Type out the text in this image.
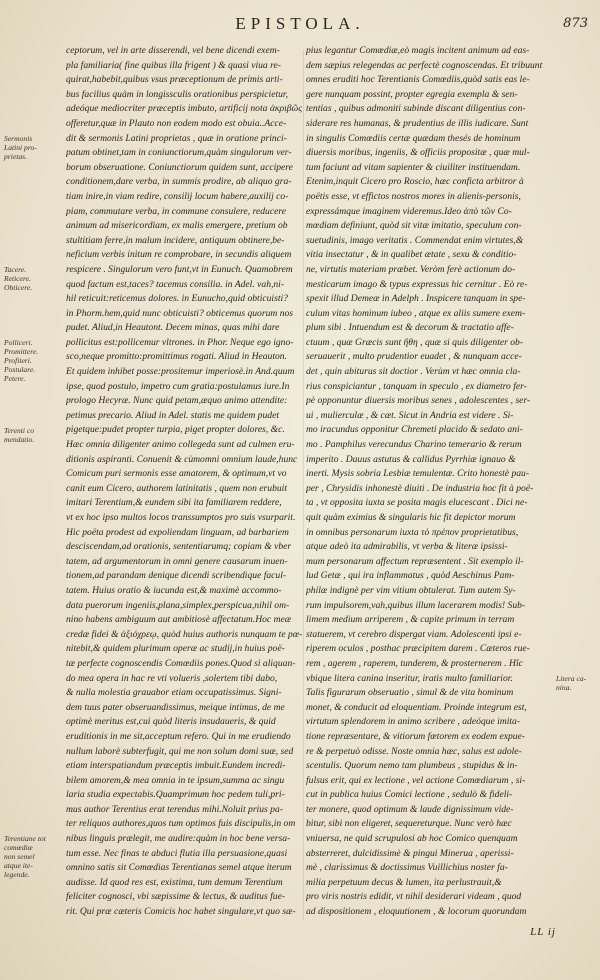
EPISTOLA.	873
ceptorum, vel in arte disserendi, vel bene dicendi exem-
pla familiaria( fine quibus illa frigent ) & quasi viua re-
quirat,habebit,quibus vsus præceptionum de primis arti-
bus facilius quàm in longissculis orationibus perspicietur,
adeóque mediocriter præceptis imbuto, artificij nota ἀκριβῶς
offeretur,quæ in Plauto non eodem modo est obuia..Acce-
dit & sermonis Latini proprietas , quæ in oratione princi-
patum obtinet,tam in coniunctiorum,quàm singulorum ver-
borum obseruatione. Coniunctiorum quidem sunt, accipere
conditionem,dare verba, in summis prodire, ab aliquo gra-
tiam inire,in viam redire, consilij locum habere,auxilij co-
piam, commutare verba, in commune consulere, reducere
animum ad misericordiam, ex malis emergere, pretium ob
stultitiam ferre,in malum incidere, antiquum obtinere,be-
neficium verbis initum re comprobare, in secundis aliquem
respicere . Singulorum vero funt,vt in Eunuch. Quamobrem
quod factum est,taces? tacemus consilia. in Adel. vah,ni-
hil reticuit:reticemus dolores. in Eunucho,quid obticuisti?
in Phorm.hem,quid nunc obticuisti? obticemus quorum nos
pudet. Aliud,in Heautont. Decem minas, quas mihi dare
pollicitus est:pollicemur vltrones. in Phor. Neque ego igno-
sco,neque promitto:promittimus rogati. Aliud in Heauton.
Et quidem inhibet posse:prositemur imperiosè.in And.quum
ipse, quod postulo, impetro cum gratia:postulamus iure.In
prologo Hecyræ. Nunc quid petam,æquo animo attendite:
petimus precario. Aliud in Adel. statis me quidem pudet
pigetque:pudet propter turpia, piget propter dolores, &c.
Hæc omnia diligenter animo collegeda sunt ad culmen eru-
ditionis aspiranti. Conuenit & cùmomni omnium laude,hunc
Comicum puri sermonis esse amatorem, & optimum,vt vo
canit eum Cicero, authorem latinitatis , quem non erubuit
imitari Terentium,& eundem sibi ita familiarem reddere,
vt ex hoc ipso multos locos transsumptos pro suis vsurparit.
Hic poëta prodest ad expoliendam linguam, ad barbariem
desciscendam,ad orationis, sententiarumq; copiam & vber
tatem, ad argumentorum in omni genere causarum inuen-
tionem,ad parandam denique dicendi scribendique facul-
tatem. Huius oratio & iucunda est,& maximè accommo-
data puerorum ingeniis,plana,simplex,perspicua,nihil om-
nino habens ambiguum aut ambitiosè affectatum.Hoc meæ
credæ fidei & ἀξιόχρεῳ, quòd huius authoris nunquam te pœ-
nitebit,& quidem plurimum operæ ac studij,in huius poë-
tæ perfecte cognoscendis Comœdiis pones.Quod si aliquan-
do mea opera in hac re vti volueris ,solertem tibi dabo,
& nulla molestia grauabor etiam occupatissimus. Signi-
dem tuus pater obseruandissimus, meique intimus, de me
optimè meritus est,cui quòd literis insudaueris, & quid
eruditionis in me sit,acceptum refero. Qui in me erudiendo
nullum laborè subterfugit, qui me non solum domi suæ, sed
etiam interspatiandum præceptis imbuit.Eundem incredi-
bilem amorem,& mea omnia in te ipsum,summa ac singu
laria studia expectabis.Quamprimum hoc pedem tuli,pri-
mus author Terentius erat terendus mihi.Noluit prius pa-
ter reliquos authores,quos tum optimos fuis discipulis,in om
nibus linguis prælegit, me audire:quàm in hoc bene versa-
tum esse. Nec finas te abduci flutia illa persuasione,quasi
omnino satis sit Comœdias Terentianas semel atque iterum
audisse. Id quod res est, existima, tum demum Terentium
feliciter cognosci, vbi sæpissime & lectus, & auditus fue-
rit. Qui præ cæteris Comicis hoc habet singulare,vt quo sæ-
pius legantur Comœdiæ,eò magis incitent animum ad eas-
dem sæpius relegendas ac perfectè cognoscendas. Et tribuunt
omnes eruditi hoc Terentianis Comœdiis,quòd satis eas le-
gere nunquam possint, propter egregia exempla & sen-
tentias , quibus admoniti subinde discant diligentius con-
siderare res humanas, & prudentius de illis iudicare. Sunt
in singulis Comœdiis certæ quædam thesés de hominum
diuersis moribus, ingeniis, & officiis propositæ , quæ mul-
tum faciunt ad vitam sapienter & ciuiliter instituendam.
Etenim,inquit Cicero pro Roscio, hæc conficta arbitror à
poëtis esse, vt effictos nostros mores in alienis-personis,
expressámque imaginem videremus.Ideo ἀπὸ τῶν Co-
mœdiam definiunt, quòd sit vitæ imitatio, speculum con-
suetudinis, imago veritatis . Commendat enim virtutes,&
vitia insectatur , & in qualibet ætate , sexu & conditio-
ne, virtutis materiam præbet. Veròm ferè actionum do-
mesticarum imago & typus expressus hic cernitur . Eò re-
spexit illud Demeæ in Adelph . Inspicere tanquam in spe-
culum vitas hominum iubeo , atque ex aliis sumere exem-
plum sibi . Intuendum est & decorum & tractatio affe-
ctuum , quæ Græcis sunt ἤθη , quæ si quis diligenter ob-
seruauerit , multo prudentior euadet , & nunquam acce-
det , quin abiturus sit doctior . Verùm vt hæc omnia cla-
rius conspiciantur , tanquam in speculo , ex diametro fer-
pè opponuntur diuersis moribus senes , adolescentes , ser-
ui , mulierculæ , & cæt. Sicut in Andria est videre . Si-
mo iracundus opponitur Chremeti placido & sedato ani-
mo . Pamphilus verecundus Charino temerario & rerum
imperito . Dauus astutus & callidus Pyrrhiæ ignauo &
inerti. Mysis sobria Lesbiæ temulentæ. Crito honestè pau-
per , Chrysidis inhonestè diuiti . De industria hoc fit à poë-
ta , vt opposita iuxta se posita magis elucescant . Dici ne-
quit quàm eximius & singularis hic fit depictor morum
in omnibus personarum iuxta τὸ πρέπον proprietatibus,
atque adeò ita admirabilis, vt verba & literæ ipsissi-
mum personarum affectum repræsentent . Sit exemplo il-
lud Getæ , qui ira inflammatus , quòd Aeschinus Pam-
philæ indignè per vim vitium obtulerat. Tum autem Sy-
rum impulsorem,vah,quibus illum lacerarem modis! Sub-
limem medium arriperem , & capite primum in terram
statuerem, vt cerebro dispergat viam. Adolescenti ipsi e-
riperem oculos , posthac præcipitem darem . Cæteros rue-
rem , agerem , raperem, tunderem, & prosternerem . Hîc
vbique litera canina inseritur, iratis multo familiarior.
Talis figurarum obseruatio , simul & de vita hominum
monet, & conducit ad eloquentiam. Proinde integrum est,
virtutum splendorem in animo scribere , adeóque imita-
tione repræsentare, & vitiorum fœtorem ex eodem expue-
re & perpetuò odisse. Noste omnia hæc, salus est adole-
scentulis. Quorum nemo tam plumbeus , stupidus & in-
fulsus erit, qui ex lectione , vel actione Comœdiarum , si-
cut in publica huius Comici lectione , sedulò & fideli-
ter monere, quod optimum & laude dignissimum vide-
bitur, sibi non eligeret, sequereturque. Nunc verò hæc
vniuersa, ne quid scrupulosi ab hoc Comico quenquam
absterreret, dulcidissimè & pingui Minerua , aperissi-
mè , clarissimus & doctissimus Vuillichius noster fa-
milia perpetuum decus & lumen, ita perlustrauit,&
pro viris nostris edidit, vt nihil desiderari videam , quod
ad dispositionem , eloquutionem , & locorum quorundam
Sermonis
Latini pro-
prietas.
Tacere.
Reticere.
Obticere.
Polliceri.
Promittere.
Profiteri.
Postulare.
Petere.
Terenti co
mendatio.
Terentiane tot
comœdiæ
non semel
atque ite-
legende.
Litera ca-
nina.
LL ij
